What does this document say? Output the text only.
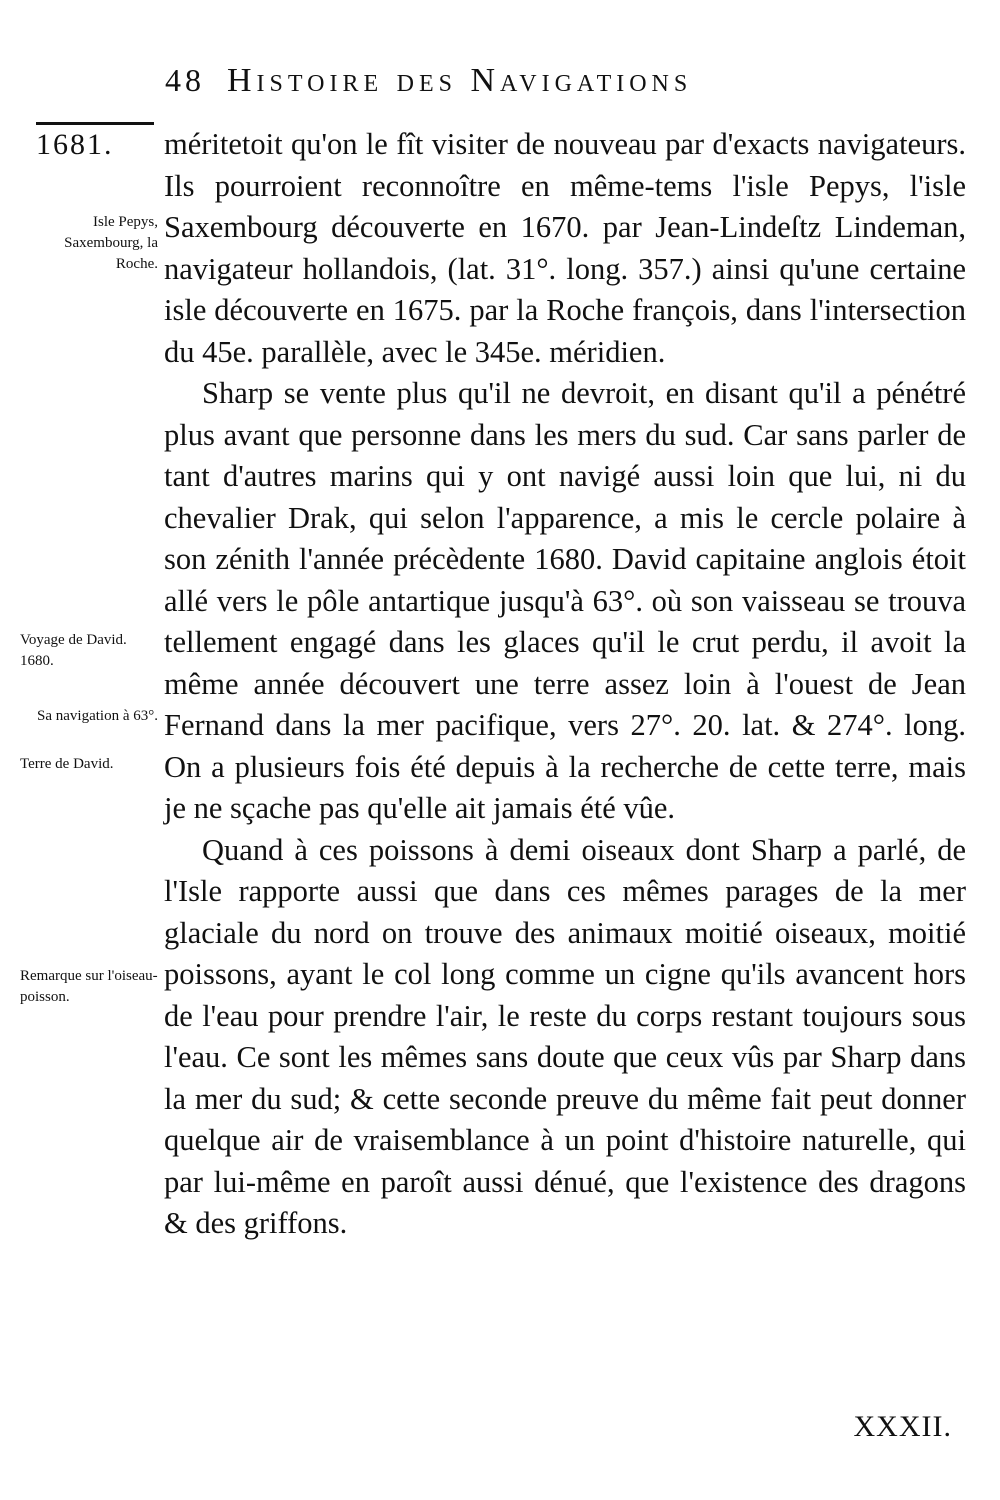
48 Histoire des Navigations
1681.
Isle Pepys, Saxembourg, la Roche.
Voyage de David. 1680.
Sa navigation à 63°.
Terre de David.
Remarque sur l'oiseau-poisson.

méritetoit qu'on le fît visiter de nouveau par d'exacts navigateurs. Ils pourroient reconnoître en même-tems l'isle Pepys, l'isle Saxembourg découverte en 1670. par Jean-Lindeſtz Lindeman, navigateur hollandois, (lat. 31°. long. 357.) ainsi qu'une certaine isle découverte en 1675. par la Roche françois, dans l'intersection du 45e. parallèle, avec le 345e. méridien.

Sharp se vente plus qu'il ne devroit, en disant qu'il a pénétré plus avant que personne dans les mers du sud. Car sans parler de tant d'autres marins qui y ont navigé aussi loin que lui, ni du chevalier Drak, qui selon l'apparence, a mis le cercle polaire à son zénith l'année précèdente 1680. David capitaine anglois étoit allé vers le pôle antartique jusqu'à 63°. où son vaisseau se trouva tellement engagé dans les glaces qu'il le crut perdu, il avoit la même année découvert une terre assez loin à l'ouest de Jean Fernand dans la mer pacifique, vers 27°. 20. lat. & 274°. long. On a plusieurs fois été depuis à la recherche de cette terre, mais je ne sçache pas qu'elle ait jamais été vûe.

Quand à ces poissons à demi oiseaux dont Sharp a parlé, de l'Isle rapporte aussi que dans ces mêmes parages de la mer glaciale du nord on trouve des animaux moitié oiseaux, moitié poissons, ayant le col long comme un cigne qu'ils avancent hors de l'eau pour prendre l'air, le reste du corps restant toujours sous l'eau. Ce sont les mêmes sans doute que ceux vûs par Sharp dans la mer du sud; & cette seconde preuve du même fait peut donner quelque air de vraisemblance à un point d'histoire naturelle, qui par lui-même en paroît aussi dénué, que l'existence des dragons & des griffons.

XXXII.
